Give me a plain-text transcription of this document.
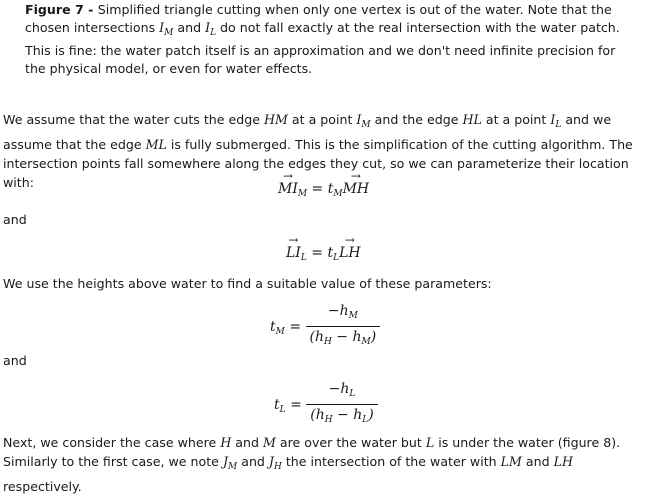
Figure 7 - Simplified triangle cutting when only one vertex is out of the water. Note that the chosen intersections $I_M$ and $I_L$ do not fall exactly at the real intersection with the water patch. This is fine: the water patch itself is an approximation and we don't need infinite precision for the physical model, or even for water effects.
We assume that the water cuts the edge HM at a point $I_M$ and the edge HL at a point $I_L$ and we assume that the edge ML is fully submerged. This is the simplification of the cutting algorithm. The intersection points fall somewhere along the edges they cut, so we can parameterize their location with:
→	$MI_M = t_M\to$ MH
and
→ $LI_L = t_L\to$ LH
We use the heights above water to find a suitable value of these parameters:
$t_M = \frac{-h_M}{(h_H - h_M)}$
and
$t_L = \frac{-h_L}{(h_H - h_L)}$
Next, we consider the case where H and M are over the water but L is under the water (figure 8). Similarly to the first case, we note $J_M$ and $J_H$ the intersection of the water with LM and LH respectively.
